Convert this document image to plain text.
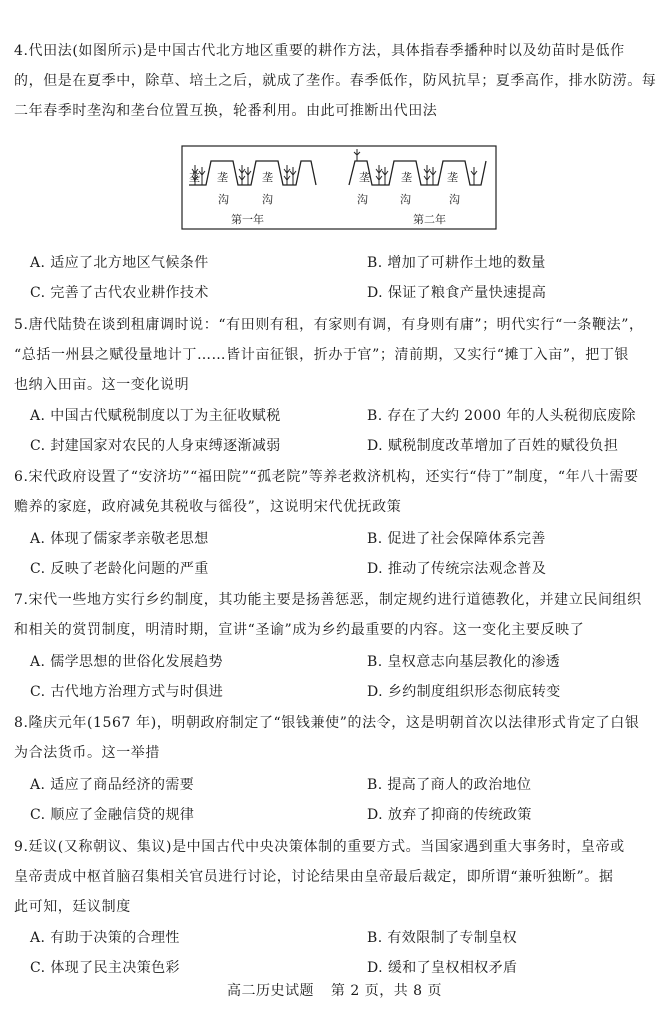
4.代田法(如图所示)是中国古代北方地区重要的耕作方法，具体指春季播种时以及幼苗时是低作
的，但是在夏季中，除草、培土之后，就成了垄作。春季低作，防风抗旱；夏季高作，排水防涝。每
二年春季时垄沟和垄台位置互换，轮番利用。由此可推断出代田法
垄 垄	垄	垄	垄	垄
沟	沟	沟	沟	沟
第一年	第二年
A. 适应了北方地区气候条件	B. 增加了可耕作土地的数量
C. 完善了古代农业耕作技术	D. 保证了粮食产量快速提高
5.唐代陆贽在谈到租庸调时说：“有田则有租，有家则有调，有身则有庸”；明代实行“一条鞭法”，
“总括一州县之赋役量地计丁……皆计亩征银，折办于官”；清前期，又实行“摊丁入亩”，把丁银
也纳入田亩。这一变化说明
A. 中国古代赋税制度以丁为主征收赋税	B. 存在了大约 2000 年的人头税彻底废除
C. 封建国家对农民的人身束缚逐渐减弱	D. 赋税制度改革增加了百姓的赋役负担
6.宋代政府设置了“安济坊”“福田院”“孤老院”等养老救济机构，还实行“侍丁”制度，“年八十需要
赡养的家庭，政府减免其税收与徭役”，这说明宋代优抚政策
A. 体现了儒家孝亲敬老思想	B. 促进了社会保障体系完善
C. 反映了老龄化问题的严重	D. 推动了传统宗法观念普及
7.宋代一些地方实行乡约制度，其功能主要是扬善惩恶，制定规约进行道德教化，并建立民间组织
和相关的赏罚制度，明清时期，宣讲“圣谕”成为乡约最重要的内容。这一变化主要反映了
A. 儒学思想的世俗化发展趋势	B. 皇权意志向基层教化的渗透
C. 古代地方治理方式与时俱进	D. 乡约制度组织形态彻底转变
8.隆庆元年(1567 年)，明朝政府制定了“银钱兼使”的法令，这是明朝首次以法律形式肯定了白银
为合法货币。这一举措
A. 适应了商品经济的需要	B. 提高了商人的政治地位
C. 顺应了金融信贷的规律	D. 放弃了抑商的传统政策
9.廷议(又称朝议、集议)是中国古代中央决策体制的重要方式。当国家遇到重大事务时，皇帝或
皇帝责成中枢首脑召集相关官员进行讨论，讨论结果由皇帝最后裁定，即所谓“兼听独断”。据
此可知，廷议制度
A. 有助于决策的合理性	B. 有效限制了专制皇权
C. 体现了民主决策色彩	D. 缓和了皇权相权矛盾
高二历史试题 第 2 页，共 8 页
